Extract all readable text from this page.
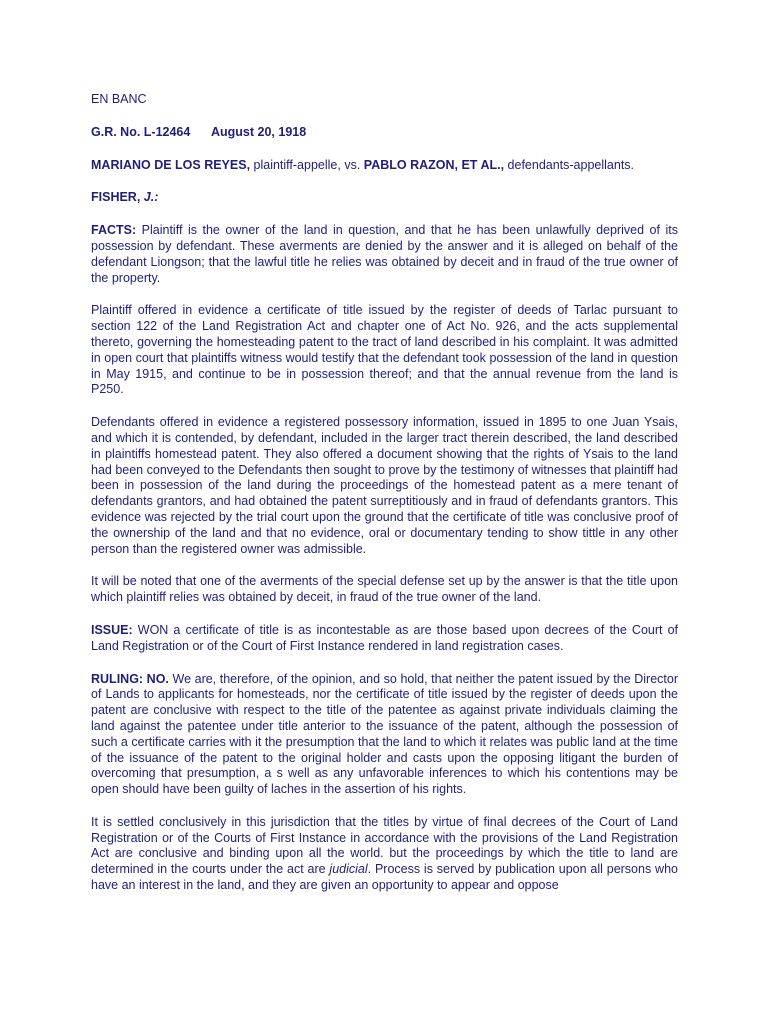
EN BANC

G.R. No. L-12464 August 20, 1918

MARIANO DE LOS REYES, plaintiff-appelle, vs. PABLO RAZON, ET AL., defendants-appellants.

FISHER, J.:

FACTS: Plaintiff is the owner of the land in question, and that he has been unlawfully deprived of its possession by defendant. These averments are denied by the answer and it is alleged on behalf of the defendant Liongson; that the lawful title he relies was obtained by deceit and in fraud of the true owner of the property.

Plaintiff offered in evidence a certificate of title issued by the register of deeds of Tarlac pursuant to section 122 of the Land Registration Act and chapter one of Act No. 926, and the acts supplemental thereto, governing the homesteading patent to the tract of land described in his complaint. It was admitted in open court that plaintiffs witness would testify that the defendant took possession of the land in question in May 1915, and continue to be in possession thereof; and that the annual revenue from the land is P250.

Defendants offered in evidence a registered possessory information, issued in 1895 to one Juan Ysais, and which it is contended, by defendant, included in the larger tract therein described, the land described in plaintiffs homestead patent. They also offered a document showing that the rights of Ysais to the land had been conveyed to the Defendants then sought to prove by the testimony of witnesses that plaintiff had been in possession of the land during the proceedings of the homestead patent as a mere tenant of defendants grantors, and had obtained the patent surreptitiously and in fraud of defendants grantors. This evidence was rejected by the trial court upon the ground that the certificate of title was conclusive proof of the ownership of the land and that no evidence, oral or documentary tending to show tittle in any other person than the registered owner was admissible.

It will be noted that one of the averments of the special defense set up by the answer is that the title upon which plaintiff relies was obtained by deceit, in fraud of the true owner of the land.

ISSUE: WON a certificate of title is as incontestable as are those based upon decrees of the Court of Land Registration or of the Court of First Instance rendered in land registration cases.

RULING: NO. We are, therefore, of the opinion, and so hold, that neither the patent issued by the Director of Lands to applicants for homesteads, nor the certificate of title issued by the register of deeds upon the patent are conclusive with respect to the title of the patentee as against private individuals claiming the land against the patentee under title anterior to the issuance of the patent, although the possession of such a certificate carries with it the presumption that the land to which it relates was public land at the time of the issuance of the patent to the original holder and casts upon the opposing litigant the burden of overcoming that presumption, a s well as any unfavorable inferences to which his contentions may be open should have been guilty of laches in the assertion of his rights.

It is settled conclusively in this jurisdiction that the titles by virtue of final decrees of the Court of Land Registration or of the Courts of First Instance in accordance with the provisions of the Land Registration Act are conclusive and binding upon all the world. but the proceedings by which the title to land are determined in the courts under the act are judicial. Process is served by publication upon all persons who have an interest in the land, and they are given an opportunity to appear and oppose
